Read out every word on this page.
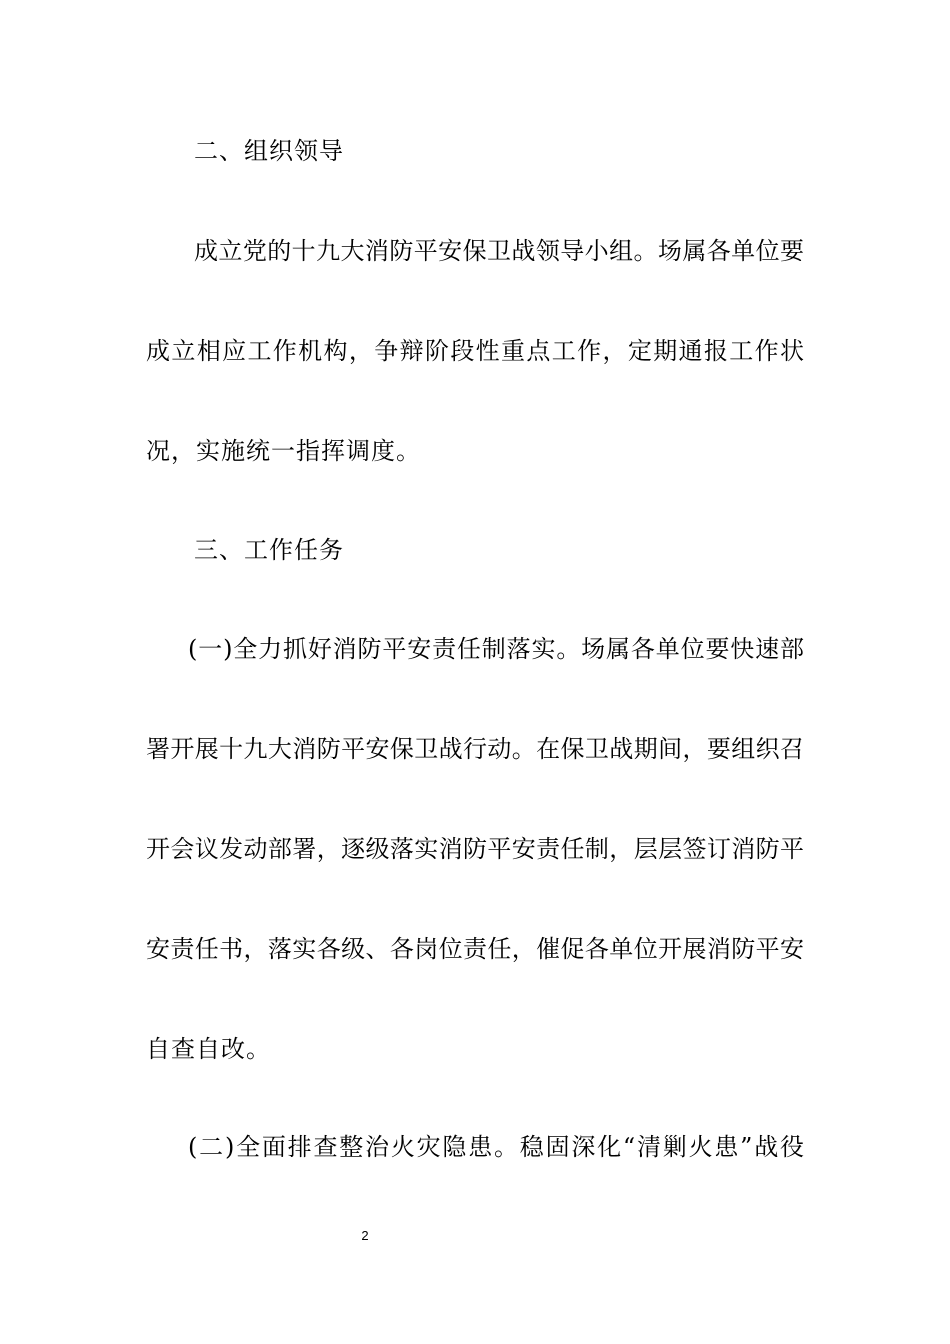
二、组织领导
成立党的十九大消防平安保卫战领导小组。场属各单位要
成立相应工作机构，争辩阶段性重点工作，定期通报工作状
况，实施统一指挥调度。
三、工作任务
(一)全力抓好消防平安责任制落实。场属各单位要快速部
署开展十九大消防平安保卫战行动。在保卫战期间，要组织召
开会议发动部署，逐级落实消防平安责任制，层层签订消防平
安责任书，落实各级、各岗位责任，催促各单位开展消防平安
自查自改。
(二)全面排查整治火灾隐患。稳固深化“清剿火患”战役
2
